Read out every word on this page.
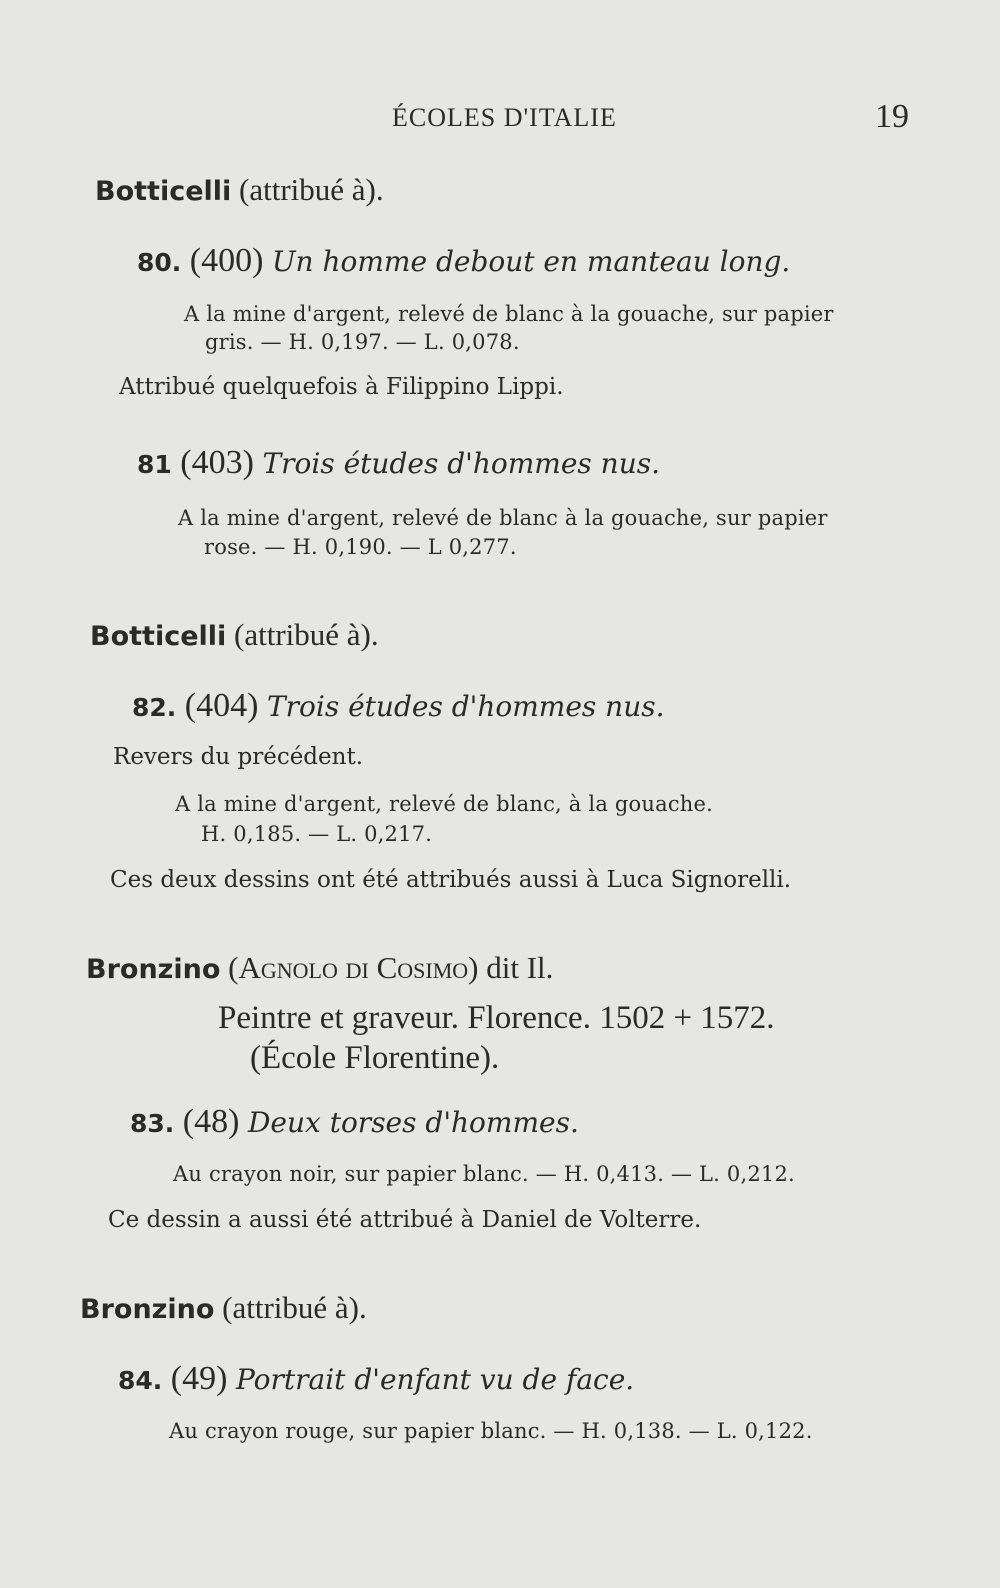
ÉCOLES D'ITALIE	19
Botticelli (attribué à).
80. (400) Un homme debout en manteau long.
A la mine d'argent, relevé de blanc à la gouache, sur papier
gris. — H. 0,197. — L. 0,078.
Attribué quelquefois à Filippino Lippi.
81 (403) Trois études d'hommes nus.
A la mine d'argent, relevé de blanc à la gouache, sur papier
rose. — H. 0,190. — L 0,277.
Botticelli (attribué à).
82. (404) Trois études d'hommes nus.
Revers du précédent.
A la mine d'argent, relevé de blanc, à la gouache.
H. 0,185. — L. 0,217.
Ces deux dessins ont été attribués aussi à Luca Signorelli.
Bronzino (Agnolo di Cosimo) dit Il.
Peintre et graveur. Florence. 1502 + 1572.
(École Florentine).
83. (48) Deux torses d'hommes.
Au crayon noir, sur papier blanc. — H. 0,413. — L. 0,212.
Ce dessin a aussi été attribué à Daniel de Volterre.
Bronzino (attribué à).
84. (49) Portrait d'enfant vu de face.
Au crayon rouge, sur papier blanc. — H. 0,138. — L. 0,122.
